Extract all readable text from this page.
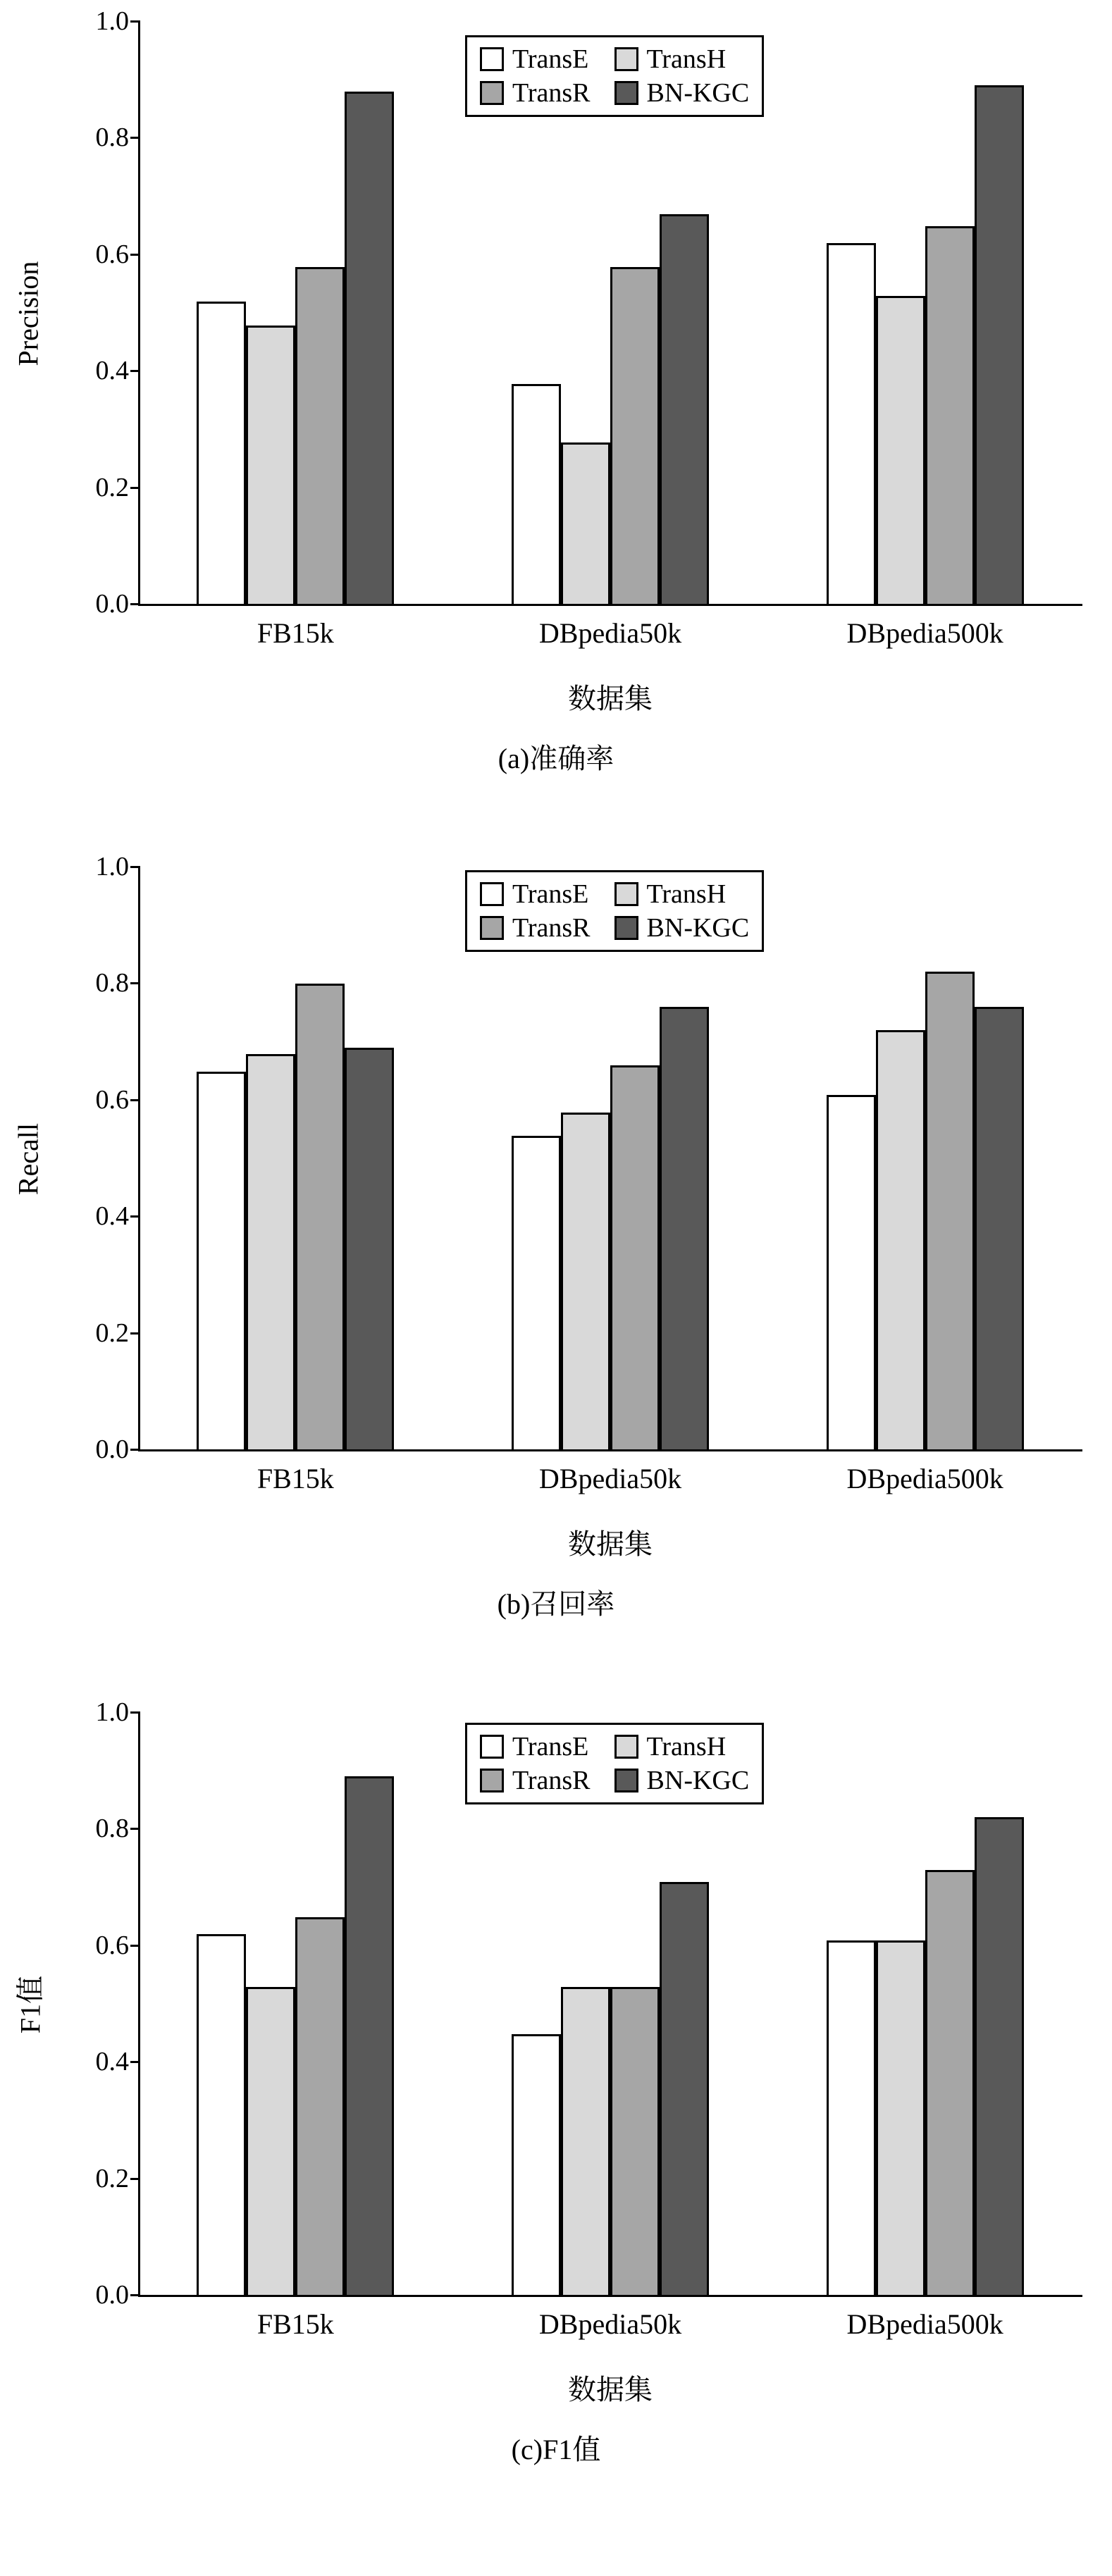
Precision
0.0
0.2
0.4
0.6
0.8
1.0
TransE TransH
TransR BN-KGC
FB15k	DBpedia50k	DBpedia500k
数据集
(a)准确率
Recall
0.0
0.2
0.4
0.6
0.8
1.0
TransE TransH
TransR BN-KGC
FB15k	DBpedia50k	DBpedia500k
数据集
(b)召回率
F1值
0.0
0.2
0.4
0.6
0.8
1.0
TransE TransH
TransR BN-KGC
FB15k	DBpedia50k	DBpedia500k
数据集
(c)F1值
